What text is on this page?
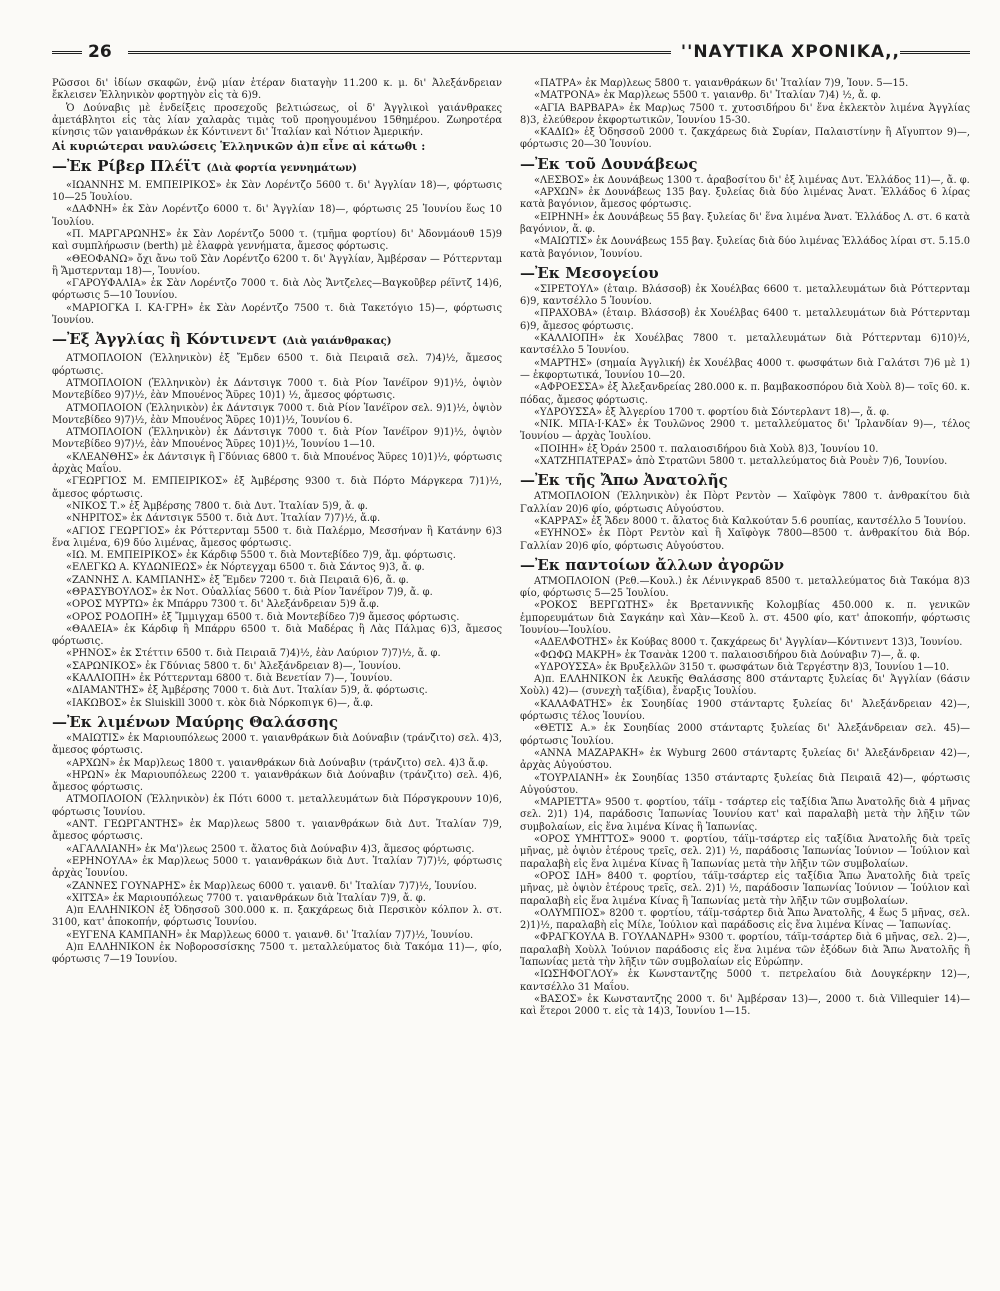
26	''ΝΑΥΤΙΚΑ ΧΡΟΝΙΚΑ,,

Ρῶσσοι δι' ἰδίων σκαφῶν, ἐνῷ μίαν ἑτέραν διαταγὴν 11.200 κ. μ. δι' Ἀλεξάνδρειαν ἔκλεισεν Ἑλληνικὸν φορτηγὸν εἰς τὰ 6)9.

Ὁ Δούναβις μὲ ἐνδείξεις προσεχοῦς βελτιώσεως, οἱ δ' Ἀγγλικοὶ γαιάνθρακες ἀμετάβλητοι εἰς τὰς λίαν χαλαρὰς τιμὰς τοῦ προηγουμένου 15θημέρου. Ζωηροτέρα κίνησις τῶν γαιανθράκων ἐκ Κόντινεντ δι' Ἰταλίαν καὶ Νότιον Ἀμερικήν.

Αἱ κυριώτεραι ναυλώσεις Ἑλληνικῶν ἀ)π εἶνε αἱ κάτωθι :
—Ἐκ Ρίβερ Πλέϊτ (Διὰ φορτία γεννημάτων)

«ΙΩΑΝΝΗΣ Μ. ΕΜΠΕΙΡΙΚΟΣ» ἐκ Σὰν Λορέντζο 5600 τ. δι' Ἀγγλίαν 18)—, φόρτωσις 10—25 Ἰουλίου.

«ΔΑΦΝΗ» ἐκ Σὰν Λορέντζο 6000 τ. δι' Ἀγγλίαν 18)—, φόρτωσις 25 Ἰουνίου ἕως 10 Ἰουλίου.

«Π. ΜΑΡΓΑΡΩΝΗΣ» ἐκ Σὰν Λορέντζο 5000 τ. (τμῆμα φορτίου) δι' Ἀδονμάουθ 15)9 καὶ συμπλήρωσιν (berth) μὲ ἐλαφρὰ γεννήματα, ἄμεσος φόρτωσις.

«ΘΕΟΦΑΝΩ» ὄχι ἄνω τοῦ Σὰν Λορέντζο 6200 τ. δι' Ἀγγλίαν, Ἀμβέρσαν — Ρόττερνταμ ἢ Ἄμστερνταμ 18)—, Ἰουνίου.

«ΓΑΡΟΥΦΑΛΙΑ» ἐκ Σὰν Λορέντζο 7000 τ. διὰ Λὸς Ἄντζελες—Βαγκοῦβερ ρέϊντζ 14)6, φόρτωσις 5—10 Ἰουνίου.

«ΜΑΡΙΟΓΚΑ Ι. ΚΑ·ΓΡΗ» ἐκ Σὰν Λορέντζο 7500 τ. διὰ Τακετόγιο 15)—, φόρτωσις Ἰουνίου.

—Ἐξ Ἀγγλίας ἢ Κόντινεντ (Διὰ γαιάνθρακας)

ΑΤΜΟΠΛΟΙΟΝ (Ἑλληνικὸν) ἐξ Ἔμδεν 6500 τ. διὰ Πειραιᾶ σελ. 7)4)½, ἄμεσος φόρτωσις.

ΑΤΜΟΠΛΟΙΟΝ (Ἑλληνικὸν) ἐκ Δάντσιγκ 7000 τ. διὰ Ρίον Ἰανέϊρον 9)1)½, ὀψιὸν Μοντεβίδεο 9)7)½, ἐὰν Μπουένος Ἄϋρες 10)1) ½, ἄμεσος φόρτωσις.

ΑΤΜΟΠΛΟΙΟΝ (Ἑλληνικὸν) ἐκ Δάντσιγκ 7000 τ. διὰ Ρίον Ἰανέϊρον σελ. 9)1)½, ὀψιὸν Μοντεβίδεο 9)7)½, ἐὰν Μπουένος Ἄϋρες 10)1)½, Ἰουνίου 6.

ΑΤΜΟΠΛΟΙΟΝ (Ἑλληνικὸν) ἐκ Δάντσιγκ 7000 τ. διὰ Ρίον Ἰανέϊρον 9)1)½, ὀψιὸν Μοντεβίδεο 9)7)½, ἐὰν Μπουένος Ἄϋρες 10)1)½, Ἰουνίου 1—10.

«ΚΛΕΑΝΘΗΣ» ἐκ Δάντσιγκ ἢ Γδύνιας 6800 τ. διὰ Μπουένος Ἄϋρες 10)1)½, φόρτωσις ἀρχὰς Μαΐου.

«ΓΕΩΡΓΙΟΣ Μ. ΕΜΠΕΙΡΙΚΟΣ» ἐξ Ἀμβέρσης 9300 τ. διὰ Πόρτο Μάργκερα 7)1)½, ἄμεσος φόρτωσις.

«ΝΙΚΟΣ Τ.» ἐξ Ἀμβέρσης 7800 τ. διὰ Δυτ. Ἰταλίαν 5)9, ἄ. φ.

«ΝΗΡΙΤΟΣ» ἐκ Δάντσιγκ 5500 τ. διὰ Δυτ. Ἰταλίαν 7)7)½, ἄ.φ.

«ΑΓΙΟΣ ΓΕΩΡΓΙΟΣ» ἐκ Ρόττερνταμ 5500 τ. διὰ Παλέρμο, Μεσσήναν ἢ Κατάνην 6)3 ἕνα λιμένα, 6)9 δύο λιμένας, ἄμεσος φόρτωσις.

«ΙΩ. Μ. ΕΜΠΕΙΡΙΚΟΣ» ἐκ Κάρδιφ 5500 τ. διὰ Μοντεβίδεο 7)9, ἄμ. φόρτωσις.

«ΕΛΕΓΚΩ Α. ΚΥΔΩΝΙΕΩΣ» ἐκ Νόρτεγχαμ 6500 τ. διὰ Σάντος 9)3, ἄ. φ.

«ΖΑΝΝΗΣ Λ. ΚΑΜΠΑΝΗΣ» ἐξ Ἔμδεν 7200 τ. διὰ Πειραιᾶ 6)6, ἄ. φ.

«ΘΡΑΣΥΒΟΥΛΟΣ» ἐκ Νοτ. Οὐαλλίας 5600 τ. διὰ Ρίον Ἰανέϊρον 7)9, ἄ. φ.

«ΟΡΟΣ ΜΥΡΤΩ» ἐκ Μπάρρυ 7300 τ. δι' Ἀλεξάνδρειαν 5)9 ἄ.φ.

«ΟΡΟΣ ΡΟΔΟΠΗ» ἐξ Ἴμμιγχαμ 6500 τ. διὰ Μοντεβίδεο 7)9 ἄμεσος φόρτωσις.

«ΘΑΛΕΙΑ» ἐκ Κάρδιφ ἢ Μπάρρυ 6500 τ. διὰ Μαδέρας ἢ Λὰς Πάλμας 6)3, ἄμεσος φόρτωσις.

«ΡΗΝΟΣ» ἐκ Στέττιν 6500 τ. διὰ Πειραιᾶ 7)4)½, ἐὰν Λαύριον 7)7)½, ἄ. φ.

«ΣΑΡΩΝΙΚΟΣ» ἐκ Γδύνιας 5800 τ. δι' Ἀλεξάνδρειαν 8)—, Ἰουνίου.

«ΚΑΛΛΙΟΠΗ» ἐκ Ρόττερνταμ 6800 τ. διὰ Βενετίαν 7)—, Ἰουνίου.

«ΔΙΑΜΑΝΤΗΣ» ἐξ Ἀμβέρσης 7000 τ. διὰ Δυτ. Ἰταλίαν 5)9, ἄ. φόρτωσις.

«ΙΑΚΩΒΟΣ» ἐκ Sluiskill 3000 τ. κὸκ διὰ Νόρκοπιγκ 6)—, ἄ.φ.

—Ἐκ λιμένων Μαύρης Θαλάσσης

«ΜΑΙΩΤΙΣ» ἐκ Μαριουπόλεως 2000 τ. γαιανθράκων διὰ Δούναβιν (τράνζιτο) σελ. 4)3, ἄμεσος φόρτωσις.

«ΑΡΧΩΝ» ἐκ Μαρ)λεως 1800 τ. γαιανθράκων διὰ Δούναβιν (τράνζιτο) σελ. 4)3 ἄ.φ.

«ΗΡΩΝ» ἐκ Μαριουπόλεως 2200 τ. γαιανθράκων διὰ Δούναβιν (τράνζιτο) σελ. 4)6, ἄμεσος φόρτωσις.

ΑΤΜΟΠΛΟΙΟΝ (Ἑλληνικὸν) ἐκ Πότι 6000 τ. μεταλλευμάτων διὰ Πόρσγκρουνν 10)6, φόρτωσις Ἰουνίου.

«ΑΝΤ. ΓΕΩΡΓΑΝΤΗΣ» ἐκ Μαρ)λεως 5800 τ. γαιανθράκων διὰ Δυτ. Ἰταλίαν 7)9, ἄμεσος φόρτωσις.

«ΑΓΑΛΛΙΑΝΗ» ἐκ Μα')λεως 2500 τ. ἄλατος διὰ Δούναβιν 4)3, ἄμεσος φόρτωσις.

«ΕΡΗΝΟΥΛΑ» ἐκ Μαρ)λεως 5000 τ. γαιανθράκων διὰ Δυτ. Ἰταλίαν 7)7)½, φόρτωσις ἀρχὰς Ἰουνίου.

«ΖΑΝΝΕΣ ΓΟΥΝΑΡΗΣ» ἐκ Μαρ)λεως 6000 τ. γαιανθ. δι' Ἰταλίαν 7)7)½, Ἰουνίου.

«ΧΙΤΣΑ» ἐκ Μαριουπόλεως 7700 τ. γαιανθράκων διὰ Ἰταλίαν 7)9, ἄ. φ.

Α)π ΕΛΛΗΝΙΚΟΝ ἐξ Ὀδησσοῦ 300.000 κ. π. ξακχάρεως διὰ Περσικὸν κόλπον λ. στ. 3100, κατ' ἀποκοπήν, φόρτωσις Ἰουνίου.

«ΕΥΓΕΝΑ ΚΑΜΠΑΝΗ» ἐκ Μαρ)λεως 6000 τ. γαιανθ. δι' Ἰταλίαν 7)7)½, Ἰουνίου.

Α)π ΕΛΛΗΝΙΚΟΝ ἐκ Νοβοροσσίσκης 7500 τ. μεταλλεύματος διὰ Τακόμα 11)—, φίο, φόρτωσις 7—19 Ἰουνίου.

«ΠΑΤΡΑ» ἐκ Μαρ)λεως 5800 τ. γαιανθράκων δι' Ἰταλίαν 7)9, Ἰουν. 5—15.

«ΜΑΤΡΟΝΑ» ἐκ Μαρ)λεως 5500 τ. γαιανθρ. δι' Ἰταλίαν 7)4) ½, ἄ. φ.

«ΑΓΙΑ ΒΑΡΒΑΡΑ» ἐκ Μαρ)ως 7500 τ. χυτοσιδήρου δι' ἕνα ἐκλεκτὸν λιμένα Ἀγγλίας 8)3, ἐλεύθερον ἐκφορτωτικῶν, Ἰουνίου 15-30.

«ΚΑΔΙΩ» ἐξ Ὀδησσοῦ 2000 τ. ζακχάρεως διὰ Συρίαν, Παλαιστίνην ἢ Αἴγυπτον 9)—, φόρτωσις 20—30 Ἰουνίου.

—Ἐκ τοῦ Δουνάβεως

«ΛΕΣΒΟΣ» ἐκ Δουνάβεως 1300 τ. ἀραβοσίτου δι' ἐξ λιμένας Δυτ. Ἑλλάδος 11)—, ἄ. φ.

«ΑΡΧΩΝ» ἐκ Δουνάβεως 135 βαγ. ξυλείας διὰ δύο λιμένας Ἀνατ. Ἑλλάδος 6 λίρας κατὰ βαγόνιον, ἄμεσος φόρτωσις.

«ΕΙΡΗΝΗ» ἐκ Δουνάβεως 55 βαγ. ξυλείας δι' ἕνα λιμένα Ἀνατ. Ἑλλάδος Λ. στ. 6 κατὰ βαγόνιον, ἄ. φ.

«ΜΑΙΩΤΙΣ» ἐκ Δουνάβεως 155 βαγ. ξυλείας διὰ δύο λιμένας Ἑλλάδος λίραι στ. 5.15.0 κατὰ βαγόνιον, Ἰουνίου.

—Ἐκ Μεσογείου

«ΣΙΡΕΤΟΥΛ» (ἑταιρ. Βλάσσοβ) ἐκ Χουέλβας 6600 τ. μεταλλευμάτων διὰ Ρόττερνταμ 6)9, καντσέλλο 5 Ἰουνίου.

«ΠΡΑΧΟΒΑ» (ἑταιρ. Βλάσσοβ) ἐκ Χουέλβας 6400 τ. μεταλλευμάτων διὰ Ρόττερνταμ 6)9, ἄμεσος φόρτωσις.

«ΚΑΛΛΙΟΠΗ» ἐκ Χουέλβας 7800 τ. μεταλλευμάτων διὰ Ρόττερνταμ 6)10)½, καντσέλλο 5 Ἰουνίου.

«ΜΑΡΤΗΣ» (σημαία Ἀγγλική) ἐκ Χουέλβας 4000 τ. φωσφάτων διὰ Γαλάτσι 7)6 μὲ 1)— ἐκφορτωτικά, Ἰουνίου 10—20.

«ΑΦΡΟΕΣΣΑ» ἐξ Ἀλεξανδρείας 280.000 κ. π. βαμβακοσπόρου διὰ Χοὺλ 8)— τοῖς 60. κ. πόδας, ἄμεσος φόρτωσις.

«ΥΔΡΟΥΣΣΑ» ἐξ Ἀλγερίου 1700 τ. φορτίου διὰ Σόντερλαντ 18)—, ἄ. φ.

«ΝΙΚ. ΜΠΑ·Ι·ΚΑΣ» ἐκ Τουλῶνος 2900 τ. μεταλλεύματος δι' Ἰρλανδίαν 9)—, τέλος Ἰουνίου — ἀρχὰς Ἰουλίου.

«ΠΟΙΗΗ» ἐξ Ὀράν 2500 τ. παλαιοσιδήρου διὰ Χοὺλ 8)3, Ἰουνίου 10.

«ΧΑΤΖΗΠΑΤΕΡΑΣ» ἀπὸ Στρατῶνι 5800 τ. μεταλλεύματος διὰ Ρουὲν 7)6, Ἰουνίου.

—Ἐκ τῆς Ἄπω Ἀνατολῆς

ΑΤΜΟΠΛΟΙΟΝ (Ἑλληνικὸν) ἐκ Πὸρτ Ρεντὸν — Χαϊφὸγκ 7800 τ. ἀνθρακίτου διὰ Γαλλίαν 20)6 φίο, φόρτωσις Αὐγούστου.

«ΚΑΡΡΑΣ» ἐξ Ἄδεν 8000 τ. ἄλατος διὰ Καλκούταν 5.6 ρουπίας, καντσέλλο 5 Ἰουνίου.

«ΕΥΗΝΟΣ» ἐκ Πὸρτ Ρεντὸν καὶ ἢ Χαϊφὸγκ 7800—8500 τ. ἀνθρακίτου διὰ Βόρ. Γαλλίαν 20)6 φίο, φόρτωσις Αὐγούστου.

—Ἐκ παντοίων ἄλλων ἀγορῶν

ΑΤΜΟΠΛΟΙΟΝ (Ρεθ.—Κουλ.) ἐκ Λένινγκραδ 8500 τ. μεταλλεύματος διὰ Τακόμα 8)3 φίο, φόρτωσις 5—25 Ἰουλίου.

«ΡΟΚΟΣ ΒΕΡΓΩΤΗΣ» ἐκ Βρεταννικῆς Κολομβίας 450.000 κ. π. γενικῶν ἐμπορευμάτων διὰ Σαγκάην καὶ Χὰν—Κεοῦ λ. στ. 4500 φίο, κατ' ἀποκοπήν, φόρτωσις Ἰουνίου—Ἰουλίου.

«ΑΔΕΛΦΟΤΗΣ» ἐκ Κούβας 8000 τ. ζακχάρεως δι' Ἀγγλίαν—Κόντινεντ 13)3, Ἰουνίου.

«ΦΩΦΩ ΜΑΚΡΗ» ἐκ Τσανὰκ 1200 τ. παλαιοσιδήρου διὰ Δούναβιν 7)—, ἄ. φ.

«ΥΔΡΟΥΣΣΑ» ἐκ Βρυξελλῶν 3150 τ. φωσφάτων διὰ Τεργέστην 8)3, Ἰουνίου 1—10.

Α)π. ΕΛΛΗΝΙΚΟΝ ἐκ Λευκῆς Θαλάσσης 800 στάνταρτς ξυλείας δι' Ἀγγλίαν (6άσιν Χοὺλ) 42)— (συνεχὴ ταξίδια), ἔναρξις Ἰουλίου.

«ΚΑΛΑΦΑΤΗΣ» ἐκ Σουηδίας 1900 στάνταρτς ξυλείας δι' Ἀλεξάνδρειαν 42)—, φόρτωσις τέλος Ἰουνίου.

«ΘΕΤΙΣ Α.» ἐκ Σουηδίας 2000 στάνταρτς ξυλείας δι' Ἀλεξάνδρειαν σελ. 45)— φόρτωσις Ἰουλίου.

«ΑΝΝΑ ΜΑΖΑΡΑΚΗ» ἐκ Wyburg 2600 στάνταρτς ξυλείας δι' Ἀλεξάνδρειαν 42)—, ἀρχὰς Αὐγούστου.

«ΤΟΥΡΛΙΑΝΗ» ἐκ Σουηδίας 1350 στάνταρτς ξυλείας διὰ Πειραιᾶ 42)—, φόρτωσις Αὐγούστου.

«ΜΑΡΙΕΤΤΑ» 9500 τ. φορτίου, τάϊμ - τσάρτερ εἰς ταξίδια Ἄπω Ἀνατολῆς διὰ 4 μῆνας σελ. 2)1) 1)4, παράδοσις Ἰαπωνίας Ἰουνίου κατ' καὶ παραλαβὴ μετὰ τὴν λῆξιν τῶν συμβολαίων, εἰς ἕνα λιμένα Κίνας ἢ Ἰαπωνίας.

«ΟΡΟΣ ΥΜΗΤΤΟΣ» 9000 τ. φορτίου, τάϊμ-τσάρτερ εἰς ταξίδια Ἀνατολῆς διὰ τρεῖς μῆνας, μὲ ὀψιὸν ἑτέρους τρεῖς, σελ. 2)1) ½, παράδοσις Ἰαπωνίας Ἰούνιον — Ἰούλιον καὶ παραλαβὴ εἰς ἕνα λιμένα Κίνας ἢ Ἰαπωνίας μετὰ τὴν λῆξιν τῶν συμβολαίων.

«ΟΡΟΣ ΙΔΗ» 8400 τ. φορτίου, τάϊμ-τσάρτερ εἰς ταξίδια Ἄπω Ἀνατολῆς διὰ τρεῖς μῆνας, μὲ ὀψιὸν ἑτέρους τρεῖς, σελ. 2)1) ½, παράδοσιν Ἰαπωνίας Ἰούνιον — Ἰούλιον καὶ παραλαβὴ εἰς ἕνα λιμένα Κίνας ἢ Ἰαπωνίας μετὰ τὴν λῆξιν τῶν συμβολαίων.

«ΟΛΥΜΠΙΟΣ» 8200 τ. φορτίου, τάϊμ-τσάρτερ διὰ Ἄπω Ἀνατολῆς, 4 ἕως 5 μῆνας, σελ. 2)1)½, παραλαβὴ εἰς Μίλε, Ἰούλιον καὶ παράδοσις εἰς ἕνα λιμένα Κίνας — Ἰαπωνίας.

«ΦΡΑΓΚΟΥΛΑ Β. ΓΟΥΛΑΝΔΡΗ» 9300 τ. φορτίου, τάϊμ-τσάρτερ διὰ 6 μῆνας, σελ. 2)—, παραλαβὴ Χοὺλλ Ἰούνιον παράδοσις εἰς ἕνα λιμένα τῶν ἐξόδων διὰ Ἄπω Ἀνατολῆς ἢ Ἰαπωνίας μετὰ τὴν λῆξιν τῶν συμβολαίων εἰς Εὐρώπην.

«ΙΩΣΗΦΟΓΛΟΥ» ἐκ Κωνσταντζης 5000 τ. πετρελαίου διὰ Δουγκέρκην 12)—, καντσέλλο 31 Μαΐου.

«ΒΑΣΟΣ» ἐκ Κωνσταντζης 2000 τ. δι' Ἀμβέρσαν 13)—, 2000 τ. διὰ Villequier 14)— καὶ ἕτεροι 2000 τ. εἰς τὰ 14)3, Ἰουνίου 1—15.
